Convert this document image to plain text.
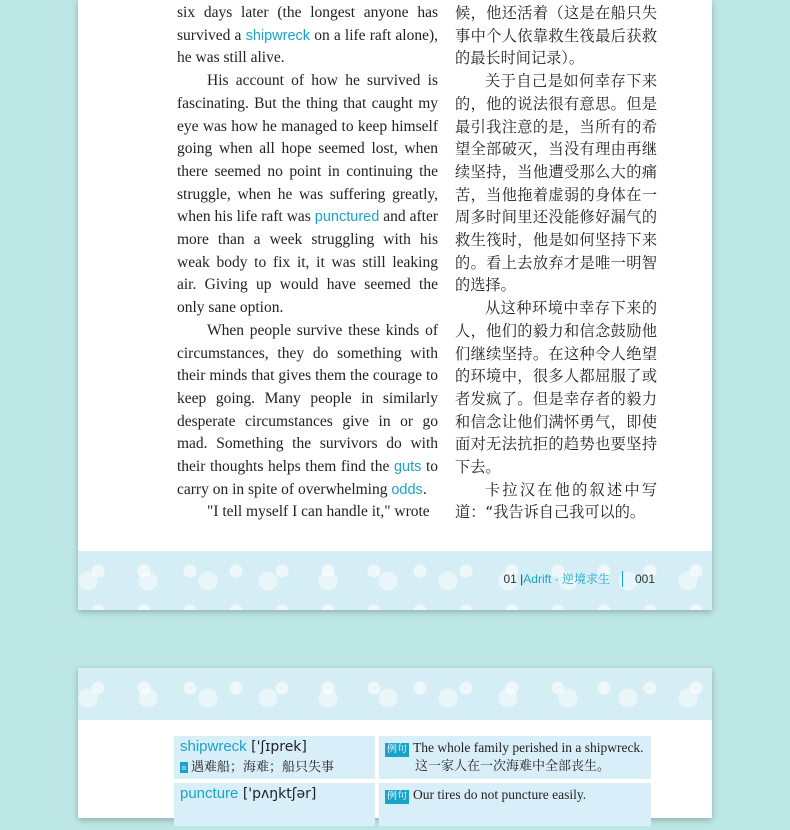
six days later (the longest anyone has survived a shipwreck on a life raft alone), he was still alive.

His account of how he survived is fascinating. But the thing that caught my eye was how he managed to keep himself going when all hope seemed lost, when there seemed no point in continuing the struggle, when he was suffering greatly, when his life raft was punctured and after more than a week struggling with his weak body to fix it, it was still leaking air. Giving up would have seemed the only sane option.

When people survive these kinds of circumstances, they do something with their minds that gives them the courage to keep going. Many people in similarly desperate circumstances give in or go mad. Something the survivors do with their thoughts helps them find the guts to carry on in spite of overwhelming odds.

"I tell myself I can handle it," wrote

候，他还活着（这是在船只失事中个人依靠救生筏最后获救的最长时间记录）。

关于自己是如何幸存下来的，他的说法很有意思。但是最引我注意的是，当所有的希望全部破灭，当没有理由再继续坚持，当他遭受那么大的痛苦，当他拖着虚弱的身体在一周多时间里还没能修好漏气的救生筏时，他是如何坚持下来的。看上去放弃才是唯一明智的选择。

从这种环境中幸存下来的人，他们的毅力和信念鼓励他们继续坚持。在这种令人绝望的环境中，很多人都屈服了或者发疯了。但是幸存者的毅力和信念让他们满怀勇气，即使面对无法抗拒的趋势也要坚持下去。

卡拉汉在他的叙述中写道：“我告诉自己我可以的。

01 | Adrift · 逆境求生 001
shipwreck ['ʃɪprek]
n 遇难船；海难；船只失事
例句 The whole family perished in a shipwreck.
这一家人在一次海难中全部丧生。
puncture ['pʌŋktʃər]	例句 Our tires do not puncture easily.
